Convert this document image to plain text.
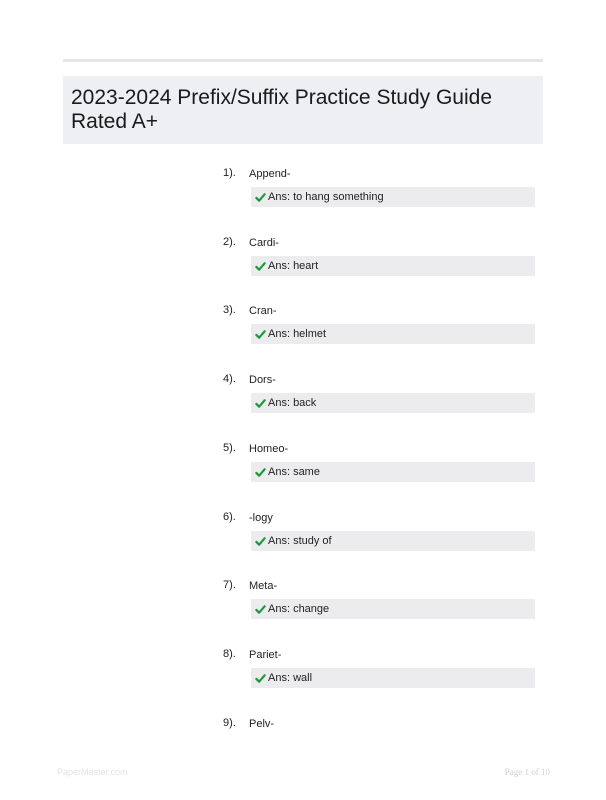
2023-2024 Prefix/Suffix Practice Study Guide Rated A+
1). Append-
Ans: to hang something
2). Cardi-
Ans: heart
3). Cran-
Ans: helmet
4). Dors-
Ans: back
5). Homeo-
Ans: same
6). -logy
Ans: study of
7). Meta-
Ans: change
8). Pariet-
Ans: wall
9). Pelv-
PaperMaster.com	Page 1 of 10
